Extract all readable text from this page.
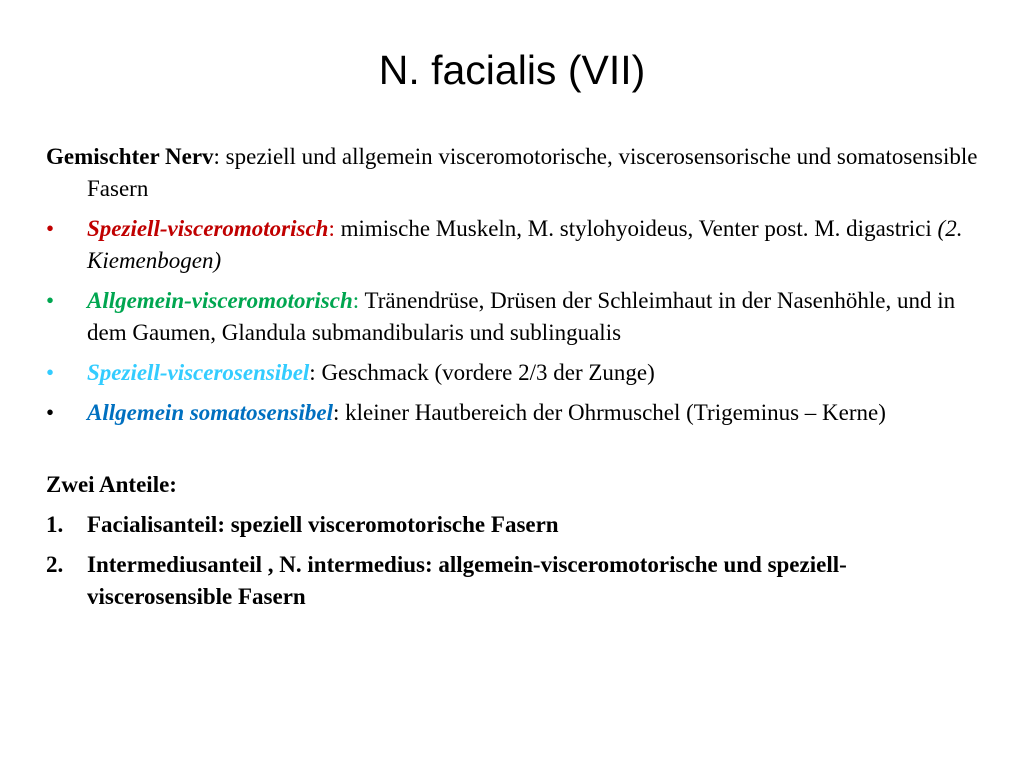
N. facialis (VII)

Gemischter Nerv: speziell und allgemein visceromotorische, viscerosensorische und somatosensible Fasern

•	Speziell-visceromotorisch: mimische Muskeln, M. stylohyoideus, Venter post. M. digastrici (2. Kiemenbogen)
•	Allgemein-visceromotorisch: Tränendrüse, Drüsen der Schleimhaut in der Nasenhöhle, und in dem Gaumen, Glandula submandibularis und sublingualis
•	Speziell-viscerosensibel: Geschmack (vordere 2/3 der Zunge)
•	Allgemein somatosensibel: kleiner Hautbereich der Ohrmuschel (Trigeminus – Kerne)

Zwei Anteile:

1. Facialisanteil: speziell visceromotorische Fasern
2. Intermediusanteil , N. intermedius: allgemein-visceromotorische und speziell-viscerosensible Fasern
